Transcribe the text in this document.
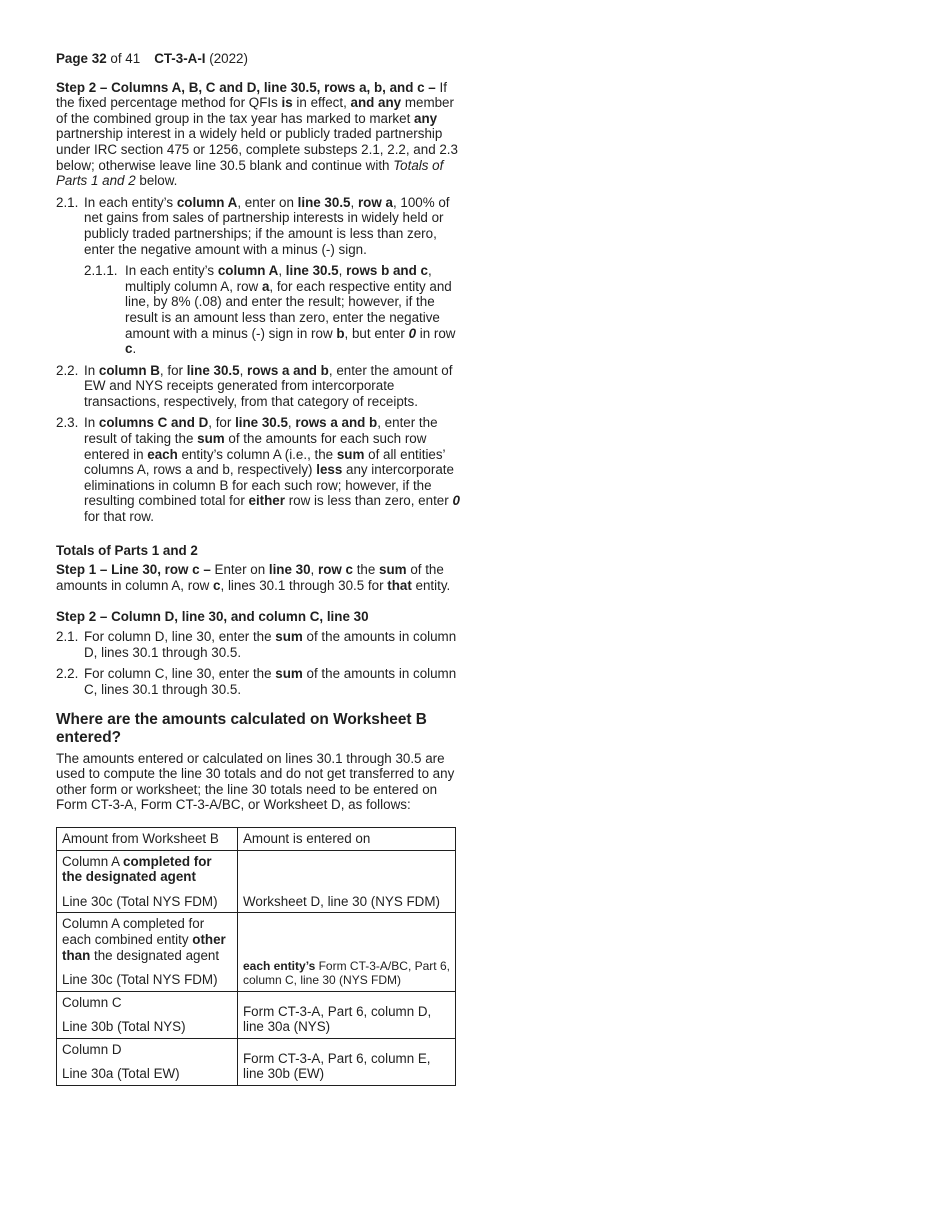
Page 32 of 41 CT-3-A-I (2022)

Step 2 – Columns A, B, C and D, line 30.5, rows a, b, and c – If the fixed percentage method for QFIs is in effect, and any member of the combined group in the tax year has marked to market any partnership interest in a widely held or publicly traded partnership under IRC section 475 or 1256, complete substeps 2.1, 2.2, and 2.3 below; otherwise leave line 30.5 blank and continue with Totals of Parts 1 and 2 below.

2.1. In each entity’s column A, enter on line 30.5, row a, 100% of net gains from sales of partnership interests in widely held or publicly traded partnerships; if the amount is less than zero, enter the negative amount with a minus (-) sign.
2.1.1. In each entity’s column A, line 30.5, rows b and c, multiply column A, row a, for each respective entity and line, by 8% (.08) and enter the result; however, if the result is an amount less than zero, enter the negative amount with a minus (-) sign in row b, but enter 0 in row c.
2.2. In column B, for line 30.5, rows a and b, enter the amount of EW and NYS receipts generated from intercorporate transactions, respectively, from that category of receipts.
2.3. In columns C and D, for line 30.5, rows a and b, enter the result of taking the sum of the amounts for each such row entered in each entity’s column A (i.e., the sum of all entities’ columns A, rows a and b, respectively) less any intercorporate eliminations in column B for each such row; however, if the resulting combined total for either row is less than zero, enter 0 for that row.

Totals of Parts 1 and 2

Step 1 – Line 30, row c – Enter on line 30, row c the sum of the amounts in column A, row c, lines 30.1 through 30.5 for that entity.

Step 2 – Column D, line 30, and column C, line 30

2.1. For column D, line 30, enter the sum of the amounts in column D, lines 30.1 through 30.5.
2.2. For column C, line 30, enter the sum of the amounts in column C, lines 30.1 through 30.5.

Where are the amounts calculated on Worksheet B entered?

The amounts entered or calculated on lines 30.1 through 30.5 are used to compute the line 30 totals and do not get transferred to any other form or worksheet; the line 30 totals need to be entered on Form CT-3-A, Form CT-3-A/BC, or Worksheet D, as follows:

Amount from Worksheet B	Amount is entered on

Column A completed for the designated agent
Line 30c (Total NYS FDM)	Worksheet D, line 30 (NYS FDM)

Column A completed for each combined entity other than the designated agent
Line 30c (Total NYS FDM)	each entity’s Form CT-3-A/BC, Part 6, column C, line 30 (NYS FDM)

Column C
Line 30b (Total NYS)	Form CT-3-A, Part 6, column D, line 30a (NYS)

Column D
Line 30a (Total EW)	Form CT-3-A, Part 6, column E, line 30b (EW)
